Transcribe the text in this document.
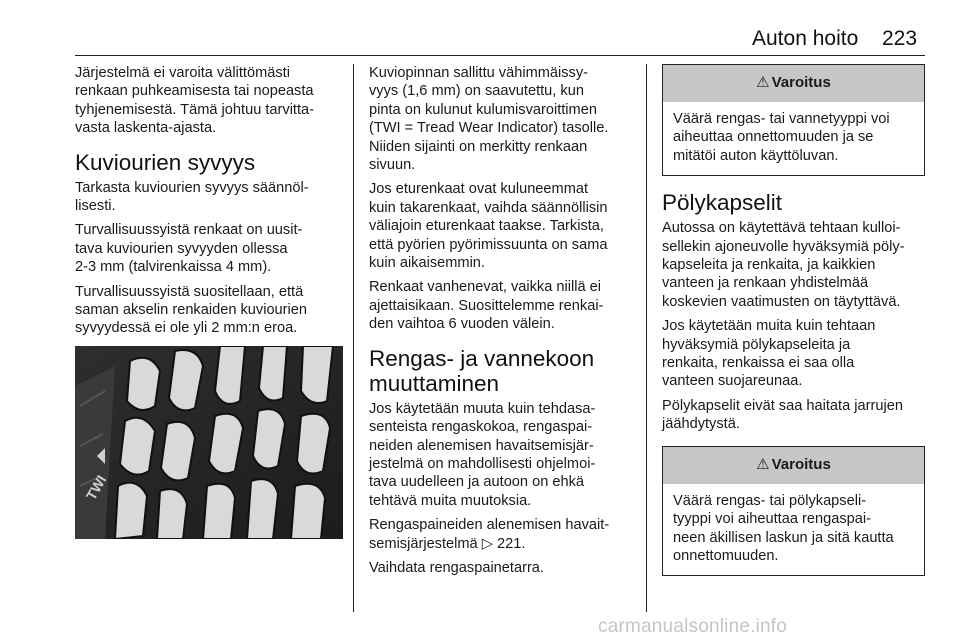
Auton hoito 223

Järjestelmä ei varoita välittömästi
renkaan puhkeamisesta tai nopeasta
tyhjenemisestä. Tämä johtuu tarvitta-
vasta laskenta-ajasta.

Kuviourien syvyys

Tarkasta kuviourien syvyys säännöl-
lisesti.

Turvallisuussyistä renkaat on uusit-
tava kuviourien syvyyden ollessa
2-3 mm (talvirenkaissa 4 mm).

Turvallisuussyistä suositellaan, että
saman akselin renkaiden kuviourien
syvyydessä ei ole yli 2 mm:n eroa.

TWI

Kuviopinnan sallittu vähimmäissy-
vyys (1,6 mm) on saavutettu, kun
pinta on kulunut kulumisvaroittimen
(TWI = Tread Wear Indicator) tasolle.
Niiden sijainti on merkitty renkaan
sivuun.

Jos eturenkaat ovat kuluneemmat
kuin takarenkaat, vaihda säännöllisin
väliajoin eturenkaat taakse. Tarkista,
että pyörien pyörimissuunta on sama
kuin aikaisemmin.

Renkaat vanhenevat, vaikka niillä ei
ajettaisikaan. Suosittelemme renkai-
den vaihtoa 6 vuoden välein.

Rengas- ja vannekoon
muuttaminen

Jos käytetään muuta kuin tehdasa-
senteista rengaskokoa, rengaspai-
neiden alenemisen havaitsemisjär-
jestelmä on mahdollisesti ohjelmoi-
tava uudelleen ja autoon on ehkä
tehtävä muita muutoksia.

Rengaspaineiden alenemisen havait-
semisjärjestelmä ▷ 221.

Vaihdata rengaspainetarra.

⚠ Varoitus
Väärä rengas- tai vannetyyppi voi
aiheuttaa onnettomuuden ja se
mitätöi auton käyttöluvan.
Pölykapselit

Autossa on käytettävä tehtaan kulloi-
sellekin ajoneuvolle hyväksymiä pöly-
kapseleita ja renkaita, ja kaikkien
vanteen ja renkaan yhdistelmää
koskevien vaatimusten on täytyttävä.

Jos käytetään muita kuin tehtaan
hyväksymiä pölykapseleita ja
renkaita, renkaissa ei saa olla
vanteen suojareunaa.

Pölykapselit eivät saa haitata jarrujen
jäähdytystä.

⚠ Varoitus
Väärä rengas- tai pölykapseli-
tyyppi voi aiheuttaa rengaspai-
neen äkillisen laskun ja sitä kautta
onnettomuuden.
carmanualsonline.info
